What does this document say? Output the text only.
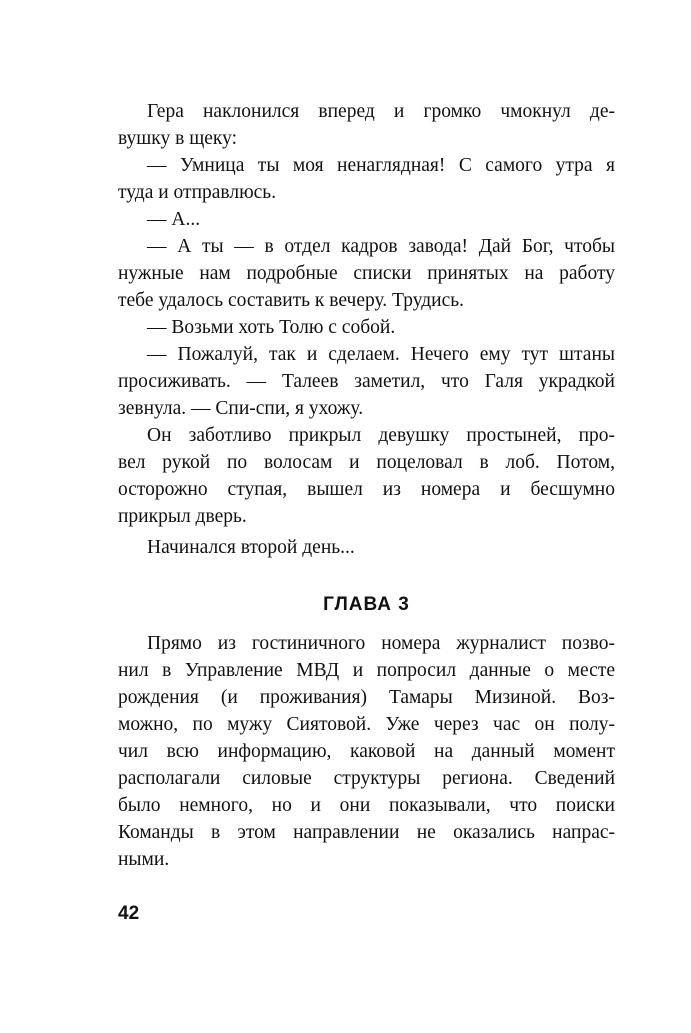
Гера наклонился вперед и громко чмокнул де-
вушку в щеку:

— Умница ты моя ненаглядная! С самого утра я
туда и отправлюсь.

— А...

— А ты — в отдел кадров завода! Дай Бог, чтобы
нужные нам подробные списки принятых на работу
тебе удалось составить к вечеру. Трудись.

— Возьми хоть Толю с собой.

— Пожалуй, так и сделаем. Нечего ему тут штаны
просиживать. — Талеев заметил, что Галя украдкой
зевнула. — Спи-спи, я ухожу.

Он заботливо прикрыл девушку простыней, про-
вел рукой по волосам и поцеловал в лоб. Потом,
осторожно ступая, вышел из номера и бесшумно
прикрыл дверь.

Начинался второй день...

ГЛАВА 3

Прямо из гостиничного номера журналист позво-
нил в Управление МВД и попросил данные о месте
рождения (и проживания) Тамары Мизиной. Воз-
можно, по мужу Сиятовой. Уже через час он полу-
чил всю информацию, каковой на данный момент
располагали силовые структуры региона. Сведений
было немного, но и они показывали, что поиски
Команды в этом направлении не оказались напрас-
ными.

42
